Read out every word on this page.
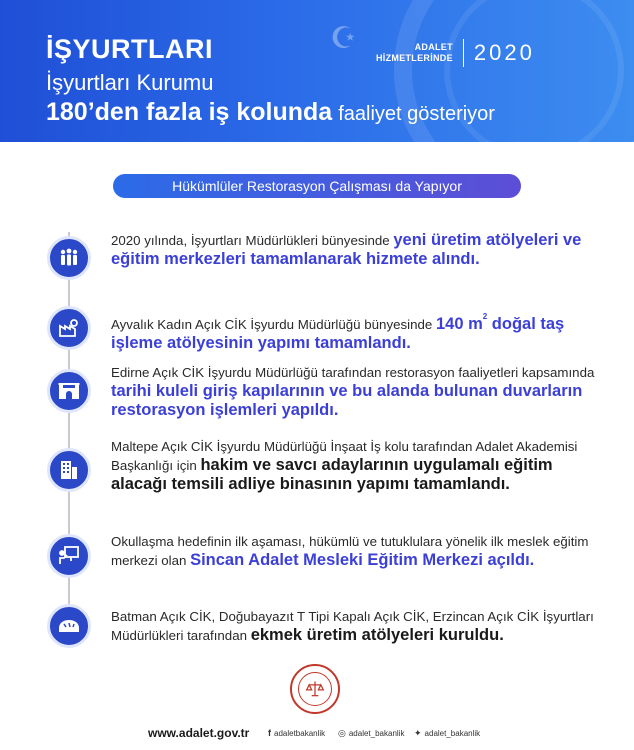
☪
İŞYURTLARI
İşyurtları Kurumu
180’den fazla iş kolunda faaliyet gösteriyor
ADALET
HİZMETLERİNDE 2020
Hükümlüler Restorasyon Çalışması da Yapıyor
2020 yılında, İşyurtları Müdürlükleri bünyesinde yeni üretim atölyeleri ve eğitim merkezleri tamamlanarak hizmete alındı.
Ayvalık Kadın Açık CİK İşyurdu Müdürlüğü bünyesinde 140 $m^2$ doğal taş işleme atölyesinin yapımı tamamlandı.
Edirne Açık CİK İşyurdu Müdürlüğü tarafından restorasyon faaliyetleri kapsamında tarihi kuleli giriş kapılarının ve bu alanda bulunan duvarların restorasyon işlemleri yapıldı.
Maltepe Açık CİK İşyurdu Müdürlüğü İnşaat İş kolu tarafından Adalet Akademisi Başkanlığı için hakim ve savcı adaylarının uygulamalı eğitim alacağı temsili adliye binasının yapımı tamamlandı.
Okullaşma hedefinin ilk aşaması, hükümlü ve tutuklulara yönelik ilk meslek eğitim merkezi olan Sincan Adalet Mesleki Eğitim Merkezi açıldı.
Batman Açık CİK, Doğubayazıt T Tipi Kapalı Açık CİK, Erzincan Açık CİK İşyurtları Müdürlükleri tarafından ekmek üretim atölyeleri kuruldu.
www.adalet.gov.tr f adaletbakanlik ◎ adalet_bakanlik ✦ adalet_bakanlik
